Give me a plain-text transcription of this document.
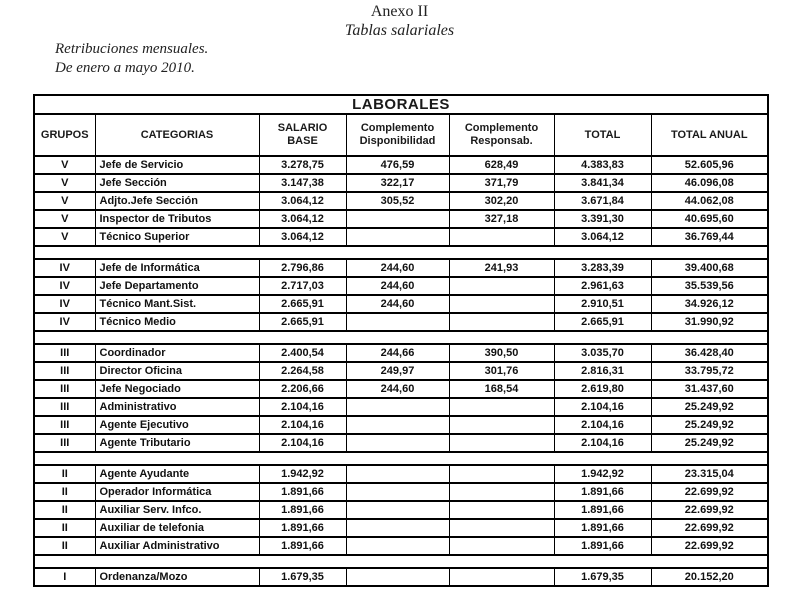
Anexo II
Tablas salariales
Retribuciones mensuales.
De enero a mayo 2010.
LABORALES						
GRUPOS	CATEGORIAS	SALARIO BASE	Complemento Disponibilidad	Complemento Responsab.	TOTAL	TOTAL ANUAL
V	Jefe de Servicio	3.278,75	476,59	628,49	4.383,83	52.605,96
V	Jefe Sección	3.147,38	322,17	371,79	3.841,34	46.096,08
V	Adjto.Jefe Sección	3.064,12	305,52	302,20	3.671,84	44.062,08
V	Inspector de Tributos	3.064,12		327,18	3.391,30	40.695,60
V	Técnico Superior	3.064,12			3.064,12	36.769,44

IV	Jefe de Informática	2.796,86	244,60	241,93	3.283,39	39.400,68
IV	Jefe Departamento	2.717,03	244,60		2.961,63	35.539,56
IV	Técnico Mant.Sist.	2.665,91	244,60		2.910,51	34.926,12
IV	Técnico Medio	2.665,91			2.665,91	31.990,92

III	Coordinador	2.400,54	244,66	390,50	3.035,70	36.428,40
III	Director Oficina	2.264,58	249,97	301,76	2.816,31	33.795,72
III	Jefe Negociado	2.206,66	244,60	168,54	2.619,80	31.437,60
III	Administrativo	2.104,16			2.104,16	25.249,92
III	Agente Ejecutivo	2.104,16			2.104,16	25.249,92
III	Agente Tributario	2.104,16			2.104,16	25.249,92

II	Agente Ayudante	1.942,92			1.942,92	23.315,04
II	Operador Informática	1.891,66			1.891,66	22.699,92
II	Auxiliar Serv. Infco.	1.891,66			1.891,66	22.699,92
II	Auxiliar de telefonia	1.891,66			1.891,66	22.699,92
II	Auxiliar Administrativo	1.891,66			1.891,66	22.699,92

I	Ordenanza/Mozo	1.679,35			1.679,35	20.152,20
